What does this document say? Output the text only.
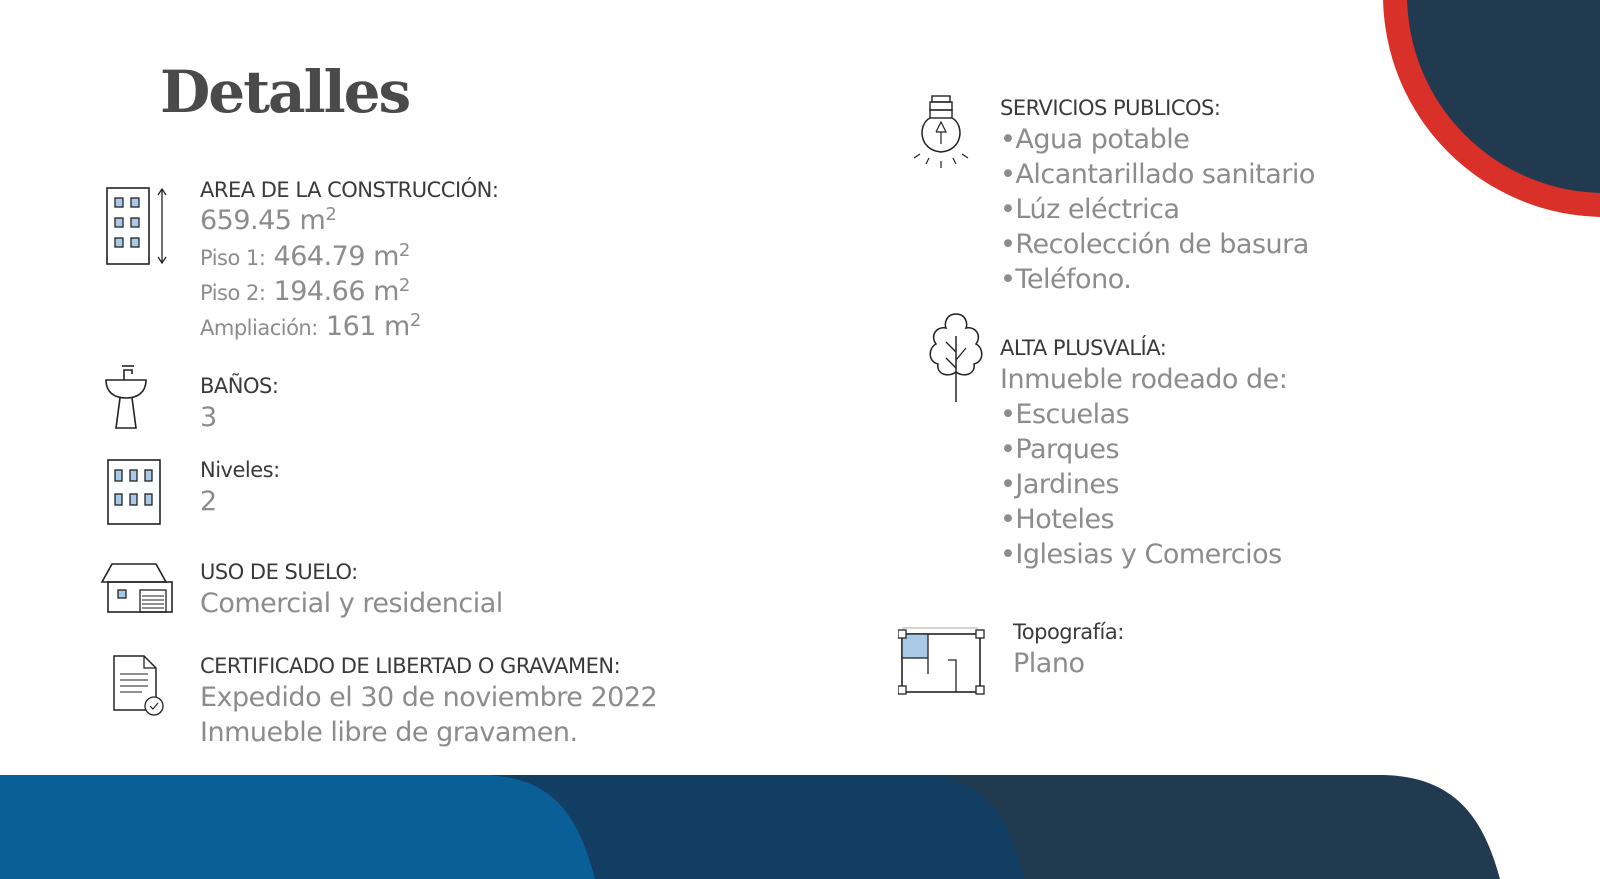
Detalles
AREA DE LA CONSTRUCCIÓN:
659.45 $m^2$
Piso 1: 464.79 $m^2$
Piso 2: 194.66 $m^2$
Ampliación: 161 $m^2$
BAÑOS:
3
Niveles:
2
USO DE SUELO:
Comercial y residencial
CERTIFICADO DE LIBERTAD O GRAVAMEN:
Expedido el 30 de noviembre 2022
Inmueble libre de gravamen.
SERVICIOS PUBLICOS:
•Agua potable
•Alcantarillado sanitario
•Lúz eléctrica
•Recolección de basura
•Teléfono.
ALTA PLUSVALÍA:
Inmueble rodeado de:
•Escuelas
•Parques
•Jardines
•Hoteles
•Iglesias y Comercios
Topografía:
Plano
